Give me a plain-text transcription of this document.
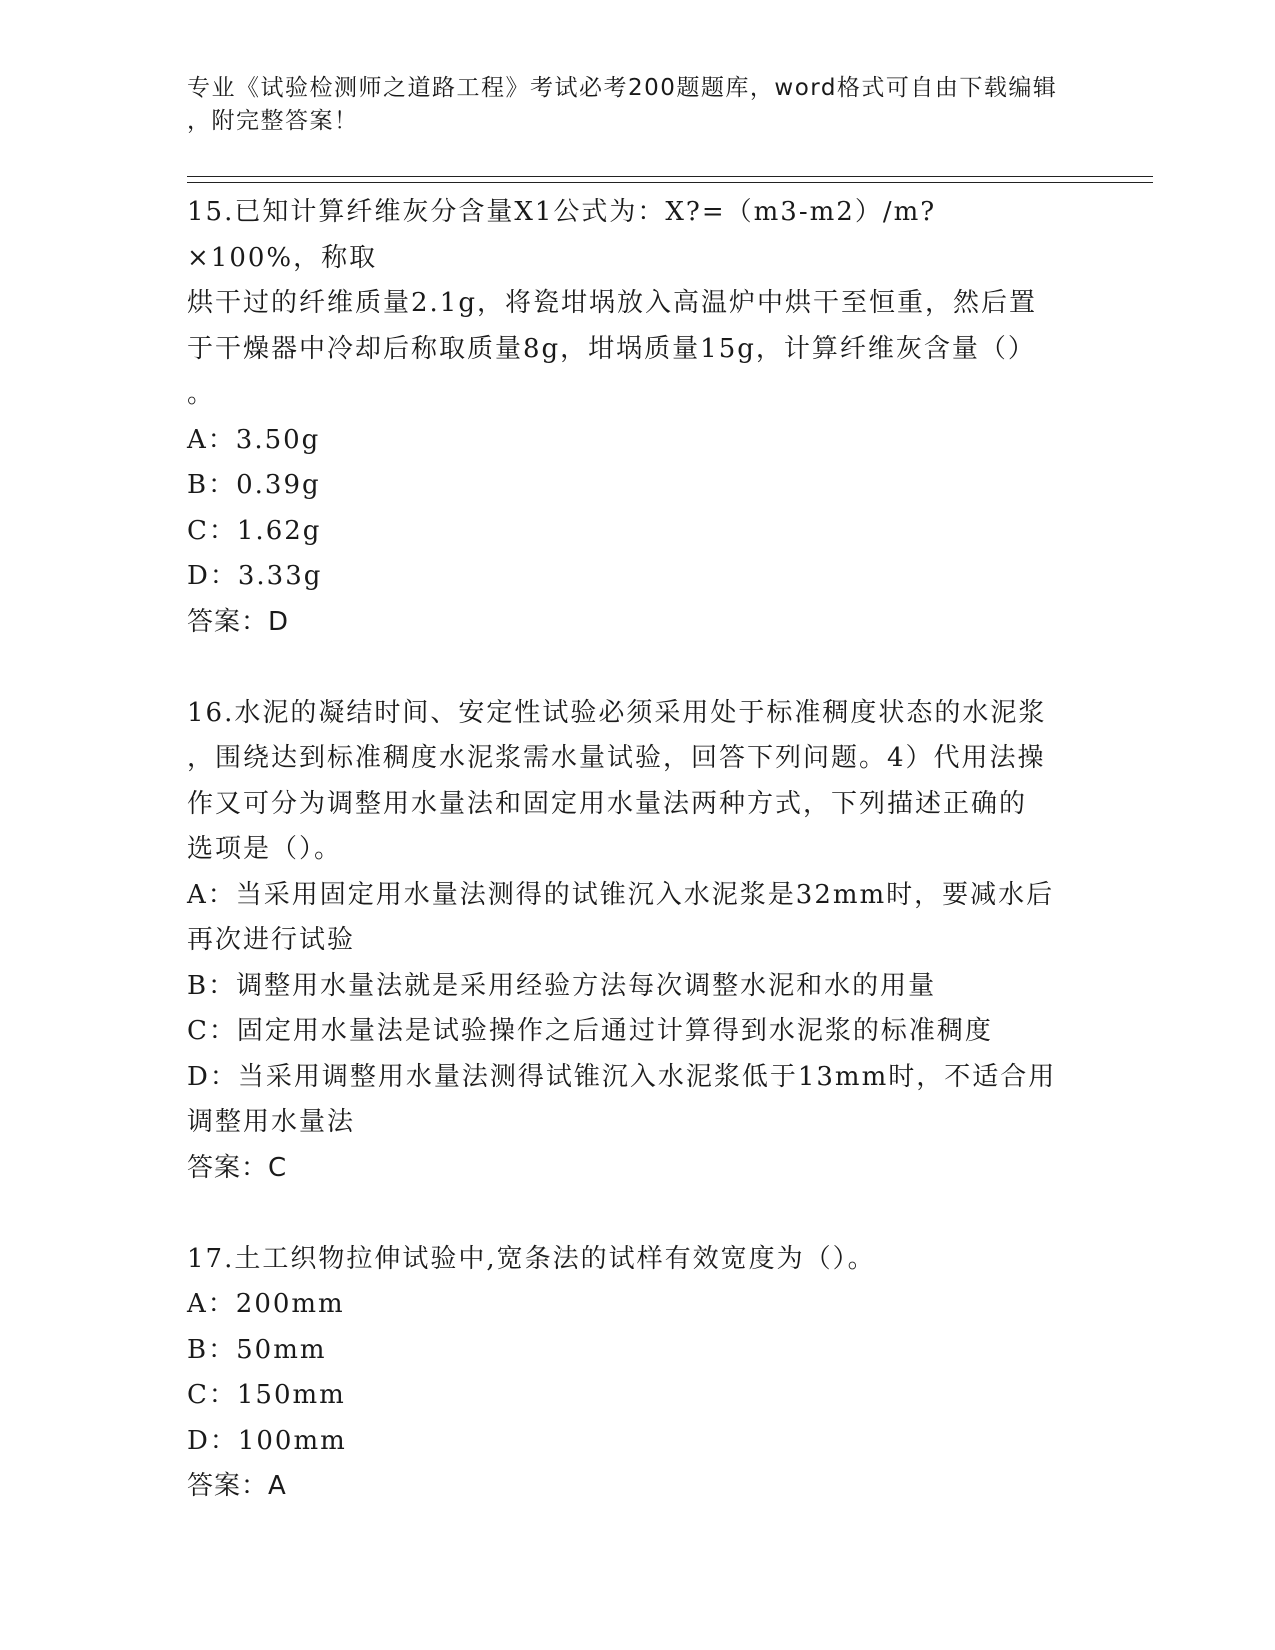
专业《试验检测师之道路工程》考试必考200题题库，word格式可自由下载编辑
，附完整答案！

15.已知计算纤维灰分含量X1公式为：X?=（m3-m2）/m?×100%，称取

烘干过的纤维质量2.1g，将瓷坩埚放入高温炉中烘干至恒重，然后置

于干燥器中冷却后称取质量8g，坩埚质量15g，计算纤维灰含量（）

。

A：3.50g

B：0.39g

C：1.62g

D：3.33g

答案：D

16.水泥的凝结时间、安定性试验必须采用处于标准稠度状态的水泥浆

，围绕达到标准稠度水泥浆需水量试验，回答下列问题。4）代用法操

作又可分为调整用水量法和固定用水量法两种方式，下列描述正确的

选项是（）。

A：当采用固定用水量法测得的试锥沉入水泥浆是32mm时，要减水后

再次进行试验

B：调整用水量法就是采用经验方法每次调整水泥和水的用量

C：固定用水量法是试验操作之后通过计算得到水泥浆的标准稠度

D：当采用调整用水量法测得试锥沉入水泥浆低于13mm时，不适合用

调整用水量法

答案：C

17.土工织物拉伸试验中,宽条法的试样有效宽度为（）。

A：200mm

B：50mm

C：150mm

D：100mm

答案：A
